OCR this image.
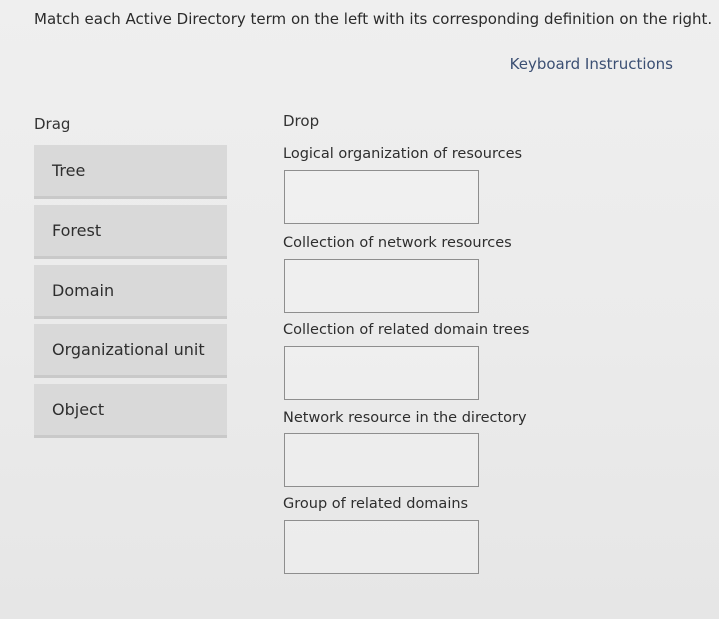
Match each Active Directory term on the left with its corresponding definition on the right.
Keyboard Instructions
Drag	Drop
Tree
Forest
Domain
Organizational unit
Object
Logical organization of resources
Collection of network resources
Collection of related domain trees
Network resource in the directory
Group of related domains
